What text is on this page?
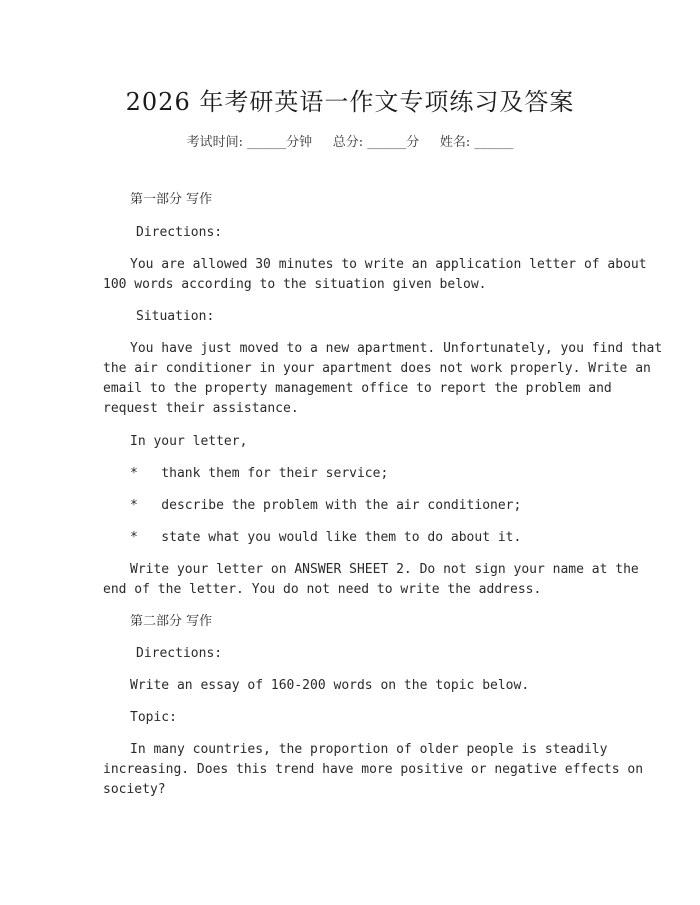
2026 年考研英语一作文专项练习及答案
考试时间: ______分钟     总分: ______分     姓名: ______
第一部分 写作
Directions:
You are allowed 30 minutes to write an application letter of about
100 words according to the situation given below.
Situation:
You have just moved to a new apartment. Unfortunately, you find that
the air conditioner in your apartment does not work properly. Write an
email to the property management office to report the problem and
request their assistance.
In your letter,
*   thank them for their service;
*   describe the problem with the air conditioner;
*   state what you would like them to do about it.
Write your letter on ANSWER SHEET 2. Do not sign your name at the
end of the letter. You do not need to write the address.
第二部分 写作
Directions:
Write an essay of 160-200 words on the topic below.
Topic:
In many countries, the proportion of older people is steadily
increasing. Does this trend have more positive or negative effects on
society?
